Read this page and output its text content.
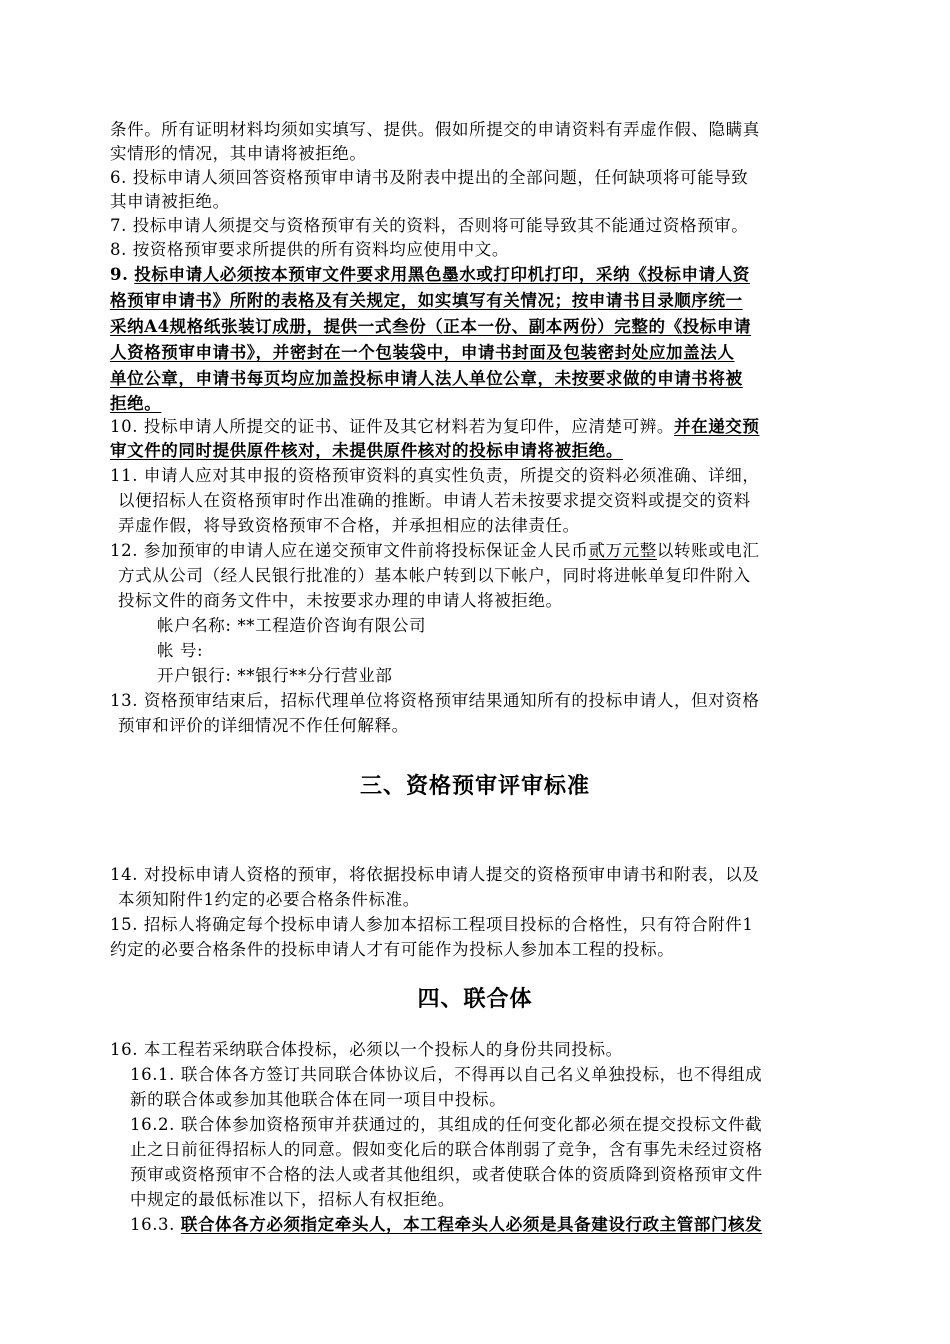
条件。所有证明材料均须如实填写、提供。假如所提交的申请资料有弄虚作假、隐瞒真
实情形的情况，其申请将被拒绝。
6. 投标申请人须回答资格预审申请书及附表中提出的全部问题，任何缺项将可能导致
其申请被拒绝。
7. 投标申请人须提交与资格预审有关的资料，否则将可能导致其不能通过资格预审。
8. 按资格预审要求所提供的所有资料均应使用中文。
9. 投标申请人必须按本预审文件要求用黑色墨水或打印机打印，采纳《投标申请人资
格预审申请书》所附的表格及有关规定，如实填写有关情况；按申请书目录顺序统一
采纳A4规格纸张装订成册，提供一式叁份（正本一份、副本两份）完整的《投标申请
人资格预审申请书》，并密封在一个包装袋中，申请书封面及包装密封处应加盖法人
单位公章，申请书每页均应加盖投标申请人法人单位公章，未按要求做的申请书将被
拒绝。
10. 投标申请人所提交的证书、证件及其它材料若为复印件，应清楚可辨。并在递交预
审文件的同时提供原件核对，未提供原件核对的投标申请将被拒绝。
11. 申请人应对其申报的资格预审资料的真实性负责，所提交的资料必须准确、详细，
以便招标人在资格预审时作出准确的推断。申请人若未按要求提交资料或提交的资料
弄虚作假，将导致资格预审不合格，并承担相应的法律责任。
12. 参加预审的申请人应在递交预审文件前将投标保证金人民币贰万元整以转账或电汇
方式从公司（经人民银行批准的）基本帐户转到以下帐户，同时将进帐单复印件附入
投标文件的商务文件中，未按要求办理的申请人将被拒绝。
帐户名称: **工程造价咨询有限公司
帐 号:
开户银行: **银行**分行营业部
13. 资格预审结束后，招标代理单位将资格预审结果通知所有的投标申请人，但对资格
预审和评价的详细情况不作任何解释。
三、资格预审评审标准
14. 对投标申请人资格的预审，将依据投标申请人提交的资格预审申请书和附表，以及
本须知附件1约定的必要合格条件标准。
15. 招标人将确定每个投标申请人参加本招标工程项目投标的合格性，只有符合附件1
约定的必要合格条件的投标申请人才有可能作为投标人参加本工程的投标。
四、联合体
16. 本工程若采纳联合体投标，必须以一个投标人的身份共同投标。
16.1. 联合体各方签订共同联合体协议后，不得再以自己名义单独投标，也不得组成
新的联合体或参加其他联合体在同一项目中投标。
16.2. 联合体参加资格预审并获通过的，其组成的任何变化都必须在提交投标文件截
止之日前征得招标人的同意。假如变化后的联合体削弱了竞争，含有事先未经过资格
预审或资格预审不合格的法人或者其他组织，或者使联合体的资质降到资格预审文件
中规定的最低标准以下，招标人有权拒绝。
16.3. 联合体各方必须指定牵头人，本工程牵头人必须是具备建设行政主管部门核发
